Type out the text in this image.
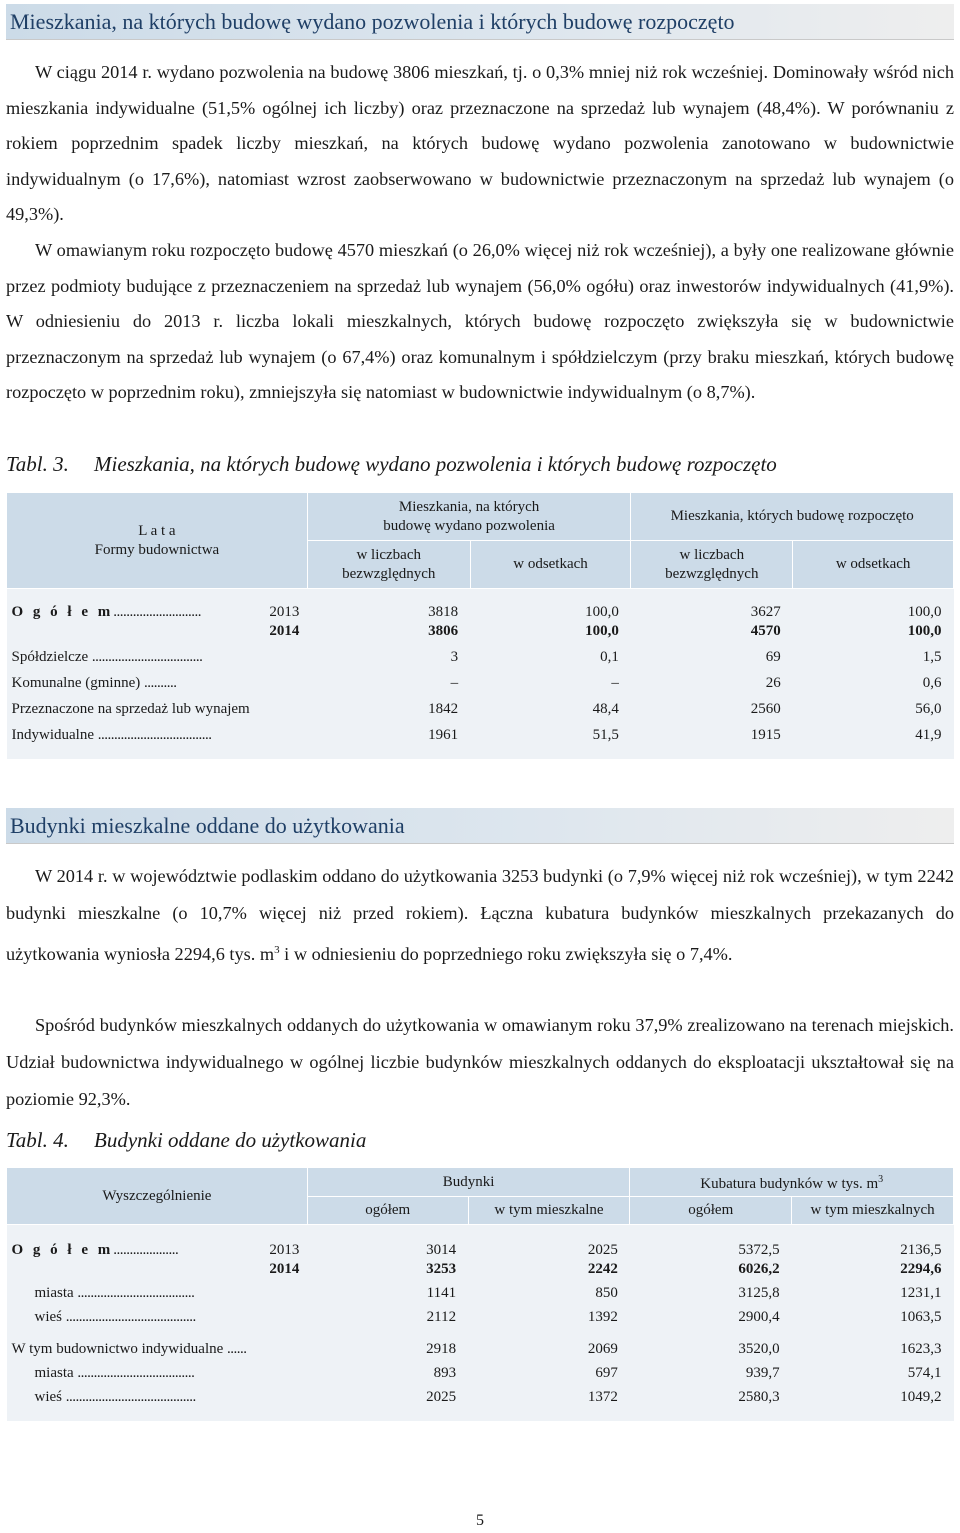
Mieszkania, na których budowę wydano pozwolenia i których budowę rozpoczęto

W ciągu 2014 r. wydano pozwolenia na budowę 3806 mieszkań, tj. o 0,3% mniej niż rok wcześniej. Dominowały wśród nich mieszkania indywidualne (51,5% ogólnej ich liczby) oraz przeznaczone na sprzedaż lub wynajem (48,4%). W porównaniu z rokiem poprzednim spadek liczby mieszkań, na których budowę wydano pozwolenia zanotowano w budownictwie indywidualnym (o 17,6%), natomiast wzrost zaobserwowano w budownictwie przeznaczonym na sprzedaż lub wynajem (o 49,3%).

W omawianym roku rozpoczęto budowę 4570 mieszkań (o 26,0% więcej niż rok wcześniej), a były one realizowane głównie przez podmioty budujące z przeznaczeniem na sprzedaż lub wynajem (56,0% ogółu) oraz inwestorów indywidualnych (41,9%). W odniesieniu do 2013 r. liczba lokali mieszkalnych, których budowę rozpoczęto zwiększyła się w budownictwie przeznaczonym na sprzedaż lub wynajem (o 67,4%) oraz komunalnym i spółdzielczym (przy braku mieszkań, których budowę rozpoczęto w poprzednim roku), zmniejszyła się natomiast w budownictwie indywidualnym (o 8,7%).

Tabl. 3. Mieszkania, na których budowę wydano pozwolenia i których budowę rozpoczęto
L a t a
Formy budownictwa	Mieszkania, na których
budowę wydano pozwolenia		Mieszkania, których budowę rozpoczęto	

	w liczbach
bezwzględnych	w odsetkach	w liczbach
bezwzględnych	w odsetkach

O g ó ł e m........................... 2013	3818	100,0	3627	100,0

2014	3806	100,0	4570	100,0
Spółdzielcze ..................................	3	0,1	69	1,5
Komunalne (gminne) ..........	–	–	26	0,6
Przeznaczone na sprzedaż lub wynajem	1842	48,4	2560	56,0
Indywidualne ...................................	1961	51,5	1915	41,9

Budynki mieszkalne oddane do użytkowania

W 2014 r. w województwie podlaskim oddano do użytkowania 3253 budynki (o 7,9% więcej niż rok wcześniej), w tym 2242 budynki mieszkalne (o 10,7% więcej niż przed rokiem). Łączna kubatura budynków mieszkalnych przekazanych do użytkowania wyniosła 2294,6 tys. $m^3$ i w odniesieniu do poprzedniego roku zwiększyła się o 7,4%.

Spośród budynków mieszkalnych oddanych do użytkowania w omawianym roku 37,9% zrealizowano na terenach miejskich. Udział budownictwa indywidualnego w ogólnej liczbie budynków mieszkalnych oddanych do eksploatacji ukształtował się na poziomie 92,3%.

Tabl. 4. Budynki oddane do użytkowania
Wyszczególnienie	Budynki		Kubatura budynków w tys. $m^3$
	ogółem	w tym mieszkalne	ogółem	w tym mieszkalnych

O g ó ł e m.................... 2013	3014	2025	5372,5	2136,5

2014	3253	2242	6026,2	2294,6
miasta ....................................	1141	850	3125,8	1231,1
wieś ........................................	2112	1392	2900,4	1063,5
W tym budownictwo indywidualne ......	2918	2069	3520,0	1623,3
miasta ....................................	893	697	939,7	574,1
wieś ........................................	2025	1372	2580,3	1049,2

5
